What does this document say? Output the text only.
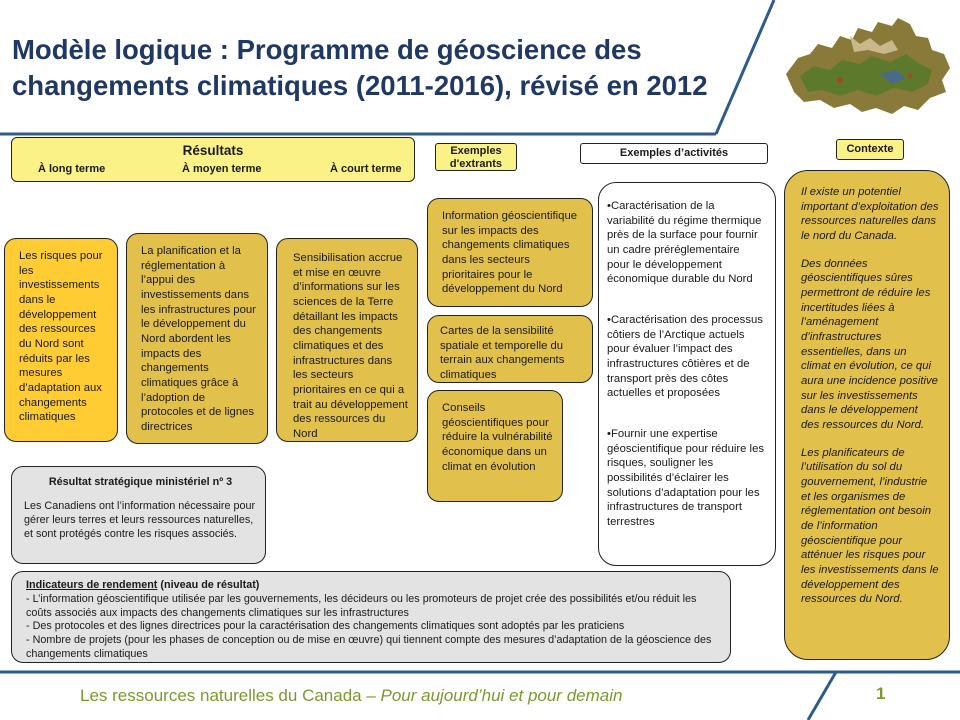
Modèle logique : Programme de géoscience des
changements climatiques (2011-2016), révisé en 2012
Résultats
À long terme	À moyen terme	À court terme
Exemples d'extrants
Exemples d’activités	Contexte
Les risques pour les investissements dans le développement des ressources du Nord sont réduits par les mesures d’adaptation aux changements climatiques
La planification et la réglementation à l’appui des investissements dans les infrastructures pour le développement du Nord abordent les impacts des changements climatiques grâce à l’adoption de protocoles et de lignes directrices
Sensibilisation accrue et mise en œuvre d’informations sur les sciences de la Terre détaillant les impacts des changements climatiques et des infrastructures dans les secteurs prioritaires en ce qui a trait au développement des ressources du Nord
Information géoscientifique sur les impacts des changements climatiques dans les secteurs prioritaires pour le développement du Nord
Cartes de la sensibilité spatiale et temporelle du terrain aux changements climatiques
Conseils géoscientifiques pour réduire la vulnérabilité économique dans un climat en évolution

•Caractérisation de la variabilité du régime thermique près de la surface pour fournir un cadre préréglementaire pour le développement économique durable du Nord

•Caractérisation des processus côtiers de l’Arctique actuels pour évaluer l’impact des infrastructures côtières et de transport près des côtes actuelles et proposées

•Fournir une expertise géoscientifique pour réduire les risques, souligner les possibilités d’éclairer les solutions d’adaptation pour les infrastructures de transport terrestres

Il existe un potentiel important d’exploitation des ressources naturelles dans le nord du Canada.

Des données géoscientifiques sûres permettront de réduire les incertitudes liées à l’aménagement d’infrastructures essentielles, dans un climat en évolution, ce qui aura une incidence positive sur les investissements dans le développement des ressources du Nord.

Les planificateurs de l’utilisation du sol du gouvernement, l’industrie et les organismes de réglementation ont besoin de l’information géoscientifique pour atténuer les risques pour les investissements dans le développement des ressources du Nord.

Résultat stratégique ministériel nº 3
Les Canadiens ont l’information nécessaire pour gérer leurs terres et leurs ressources naturelles, et sont protégés contre les risques associés.
Indicateurs de rendement (niveau de résultat)
- L’information géoscientifique utilisée par les gouvernements, les décideurs ou les promoteurs de projet crée des possibilités et/ou réduit les coûts associés aux impacts des changements climatiques sur les infrastructures
- Des protocoles et des lignes directrices pour la caractérisation des changements climatiques sont adoptés par les praticiens
- Nombre de projets (pour les phases de conception ou de mise en œuvre) qui tiennent compte des mesures d’adaptation de la géoscience des changements climatiques
Les ressources naturelles du Canada – Pour aujourd’hui et pour demain	1
